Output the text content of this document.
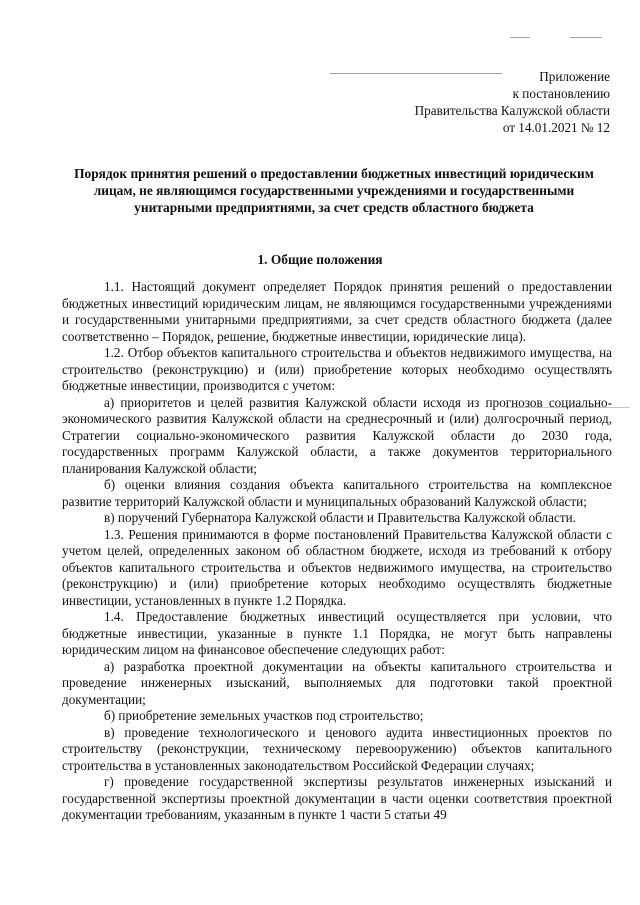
Приложение
к постановлению
Правительства Калужской области
от 14.01.2021 № 12
Порядок принятия решений о предоставлении бюджетных инвестиций юридическим лицам, не являющимся государственными учреждениями и государственными унитарными предприятиями, за счет средств областного бюджета
1. Общие положения

1.1. Настоящий документ определяет Порядок принятия решений о предоставлении бюджетных инвестиций юридическим лицам, не являющимся государственными учреждениями и государственными унитарными предприятиями, за счет средств областного бюджета (далее соответственно – Порядок, решение, бюджетные инвестиции, юридические лица).

1.2. Отбор объектов капитального строительства и объектов недвижимого имущества, на строительство (реконструкцию) и (или) приобретение которых необходимо осуществлять бюджетные инвестиции, производится с учетом:

а) приоритетов и целей развития Калужской области исходя из прогнозов социально-экономического развития Калужской области на среднесрочный и (или) долгосрочный период, Стратегии социально-экономического развития Калужской области до 2030 года, государственных программ Калужской области, а также документов территориального планирования Калужской области;

б) оценки влияния создания объекта капитального строительства на комплексное развитие территорий Калужской области и муниципальных образований Калужской области;

в) поручений Губернатора Калужской области и Правительства Калужской области.

1.3. Решения принимаются в форме постановлений Правительства Калужской области с учетом целей, определенных законом об областном бюджете, исходя из требований к отбору объектов капитального строительства и объектов недвижимого имущества, на строительство (реконструкцию) и (или) приобретение которых необходимо осуществлять бюджетные инвестиции, установленных в пункте 1.2 Порядка.

1.4. Предоставление бюджетных инвестиций осуществляется при условии, что бюджетные инвестиции, указанные в пункте 1.1 Порядка, не могут быть направлены юридическим лицом на финансовое обеспечение следующих работ:

а) разработка проектной документации на объекты капитального строительства и проведение инженерных изысканий, выполняемых для подготовки такой проектной документации;

б) приобретение земельных участков под строительство;

в) проведение технологического и ценового аудита инвестиционных проектов по строительству (реконструкции, техническому перевооружению) объектов капитального строительства в установленных законодательством Российской Федерации случаях;

г) проведение государственной экспертизы результатов инженерных изысканий и государственной экспертизы проектной документации в части оценки соответствия проектной документации требованиям, указанным в пункте 1 части 5 статьи 49
